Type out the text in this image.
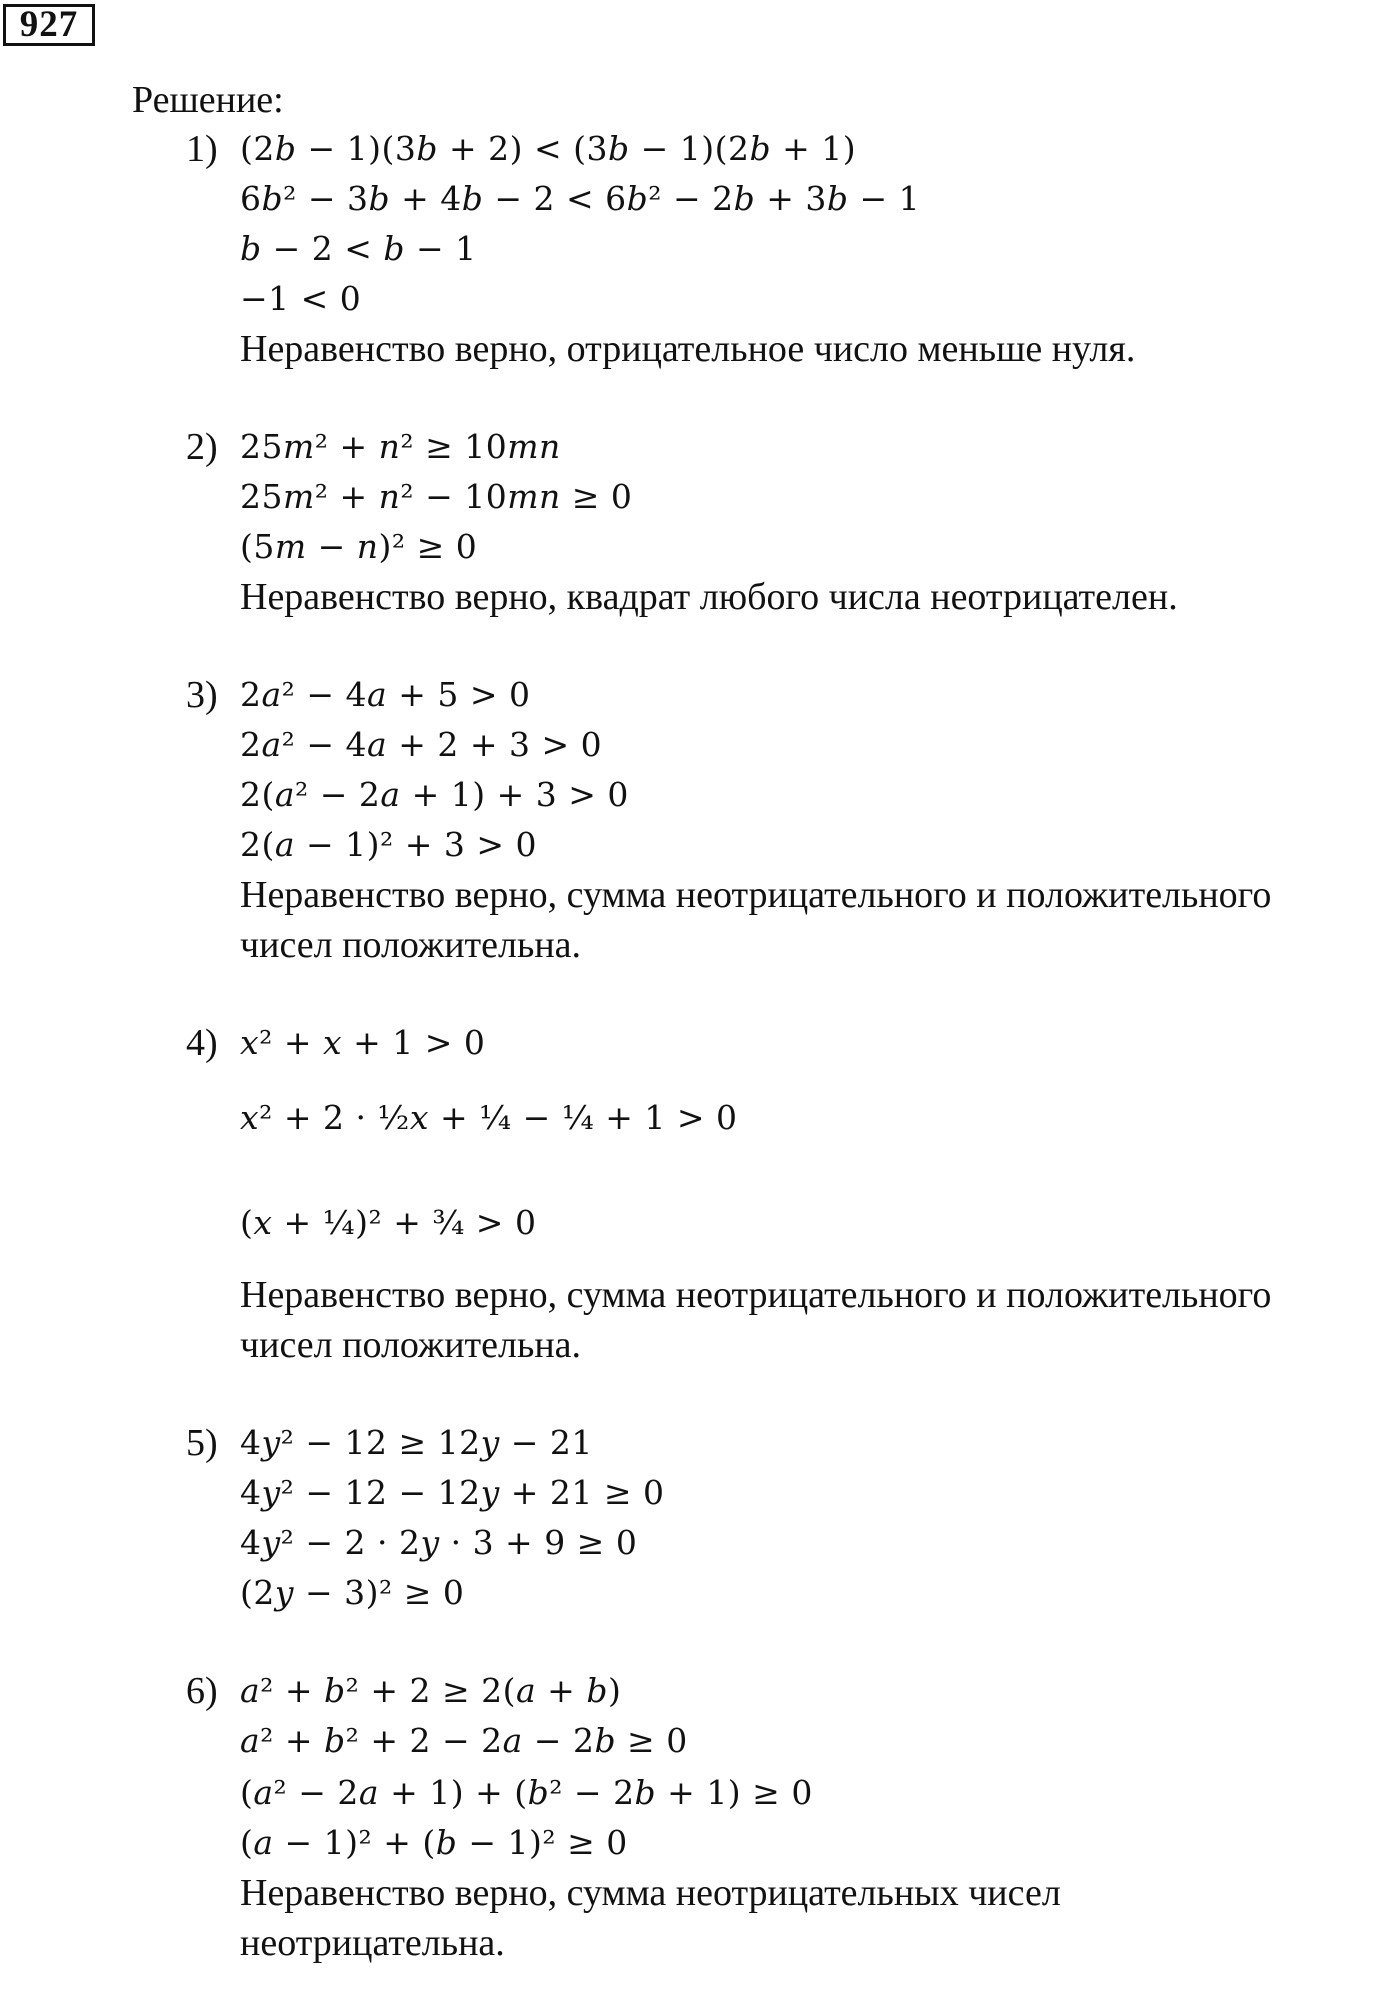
927
Решение:
1) (2𝑏 − 1)(3𝑏 + 2) < (3𝑏 − 1)(2𝑏 + 1)
6𝑏² − 3𝑏 + 4𝑏 − 2 < 6𝑏² − 2𝑏 + 3𝑏 − 1
𝑏 − 2 < 𝑏 − 1
−1 < 0
Неравенство верно, отрицательное число меньше нуля.
2) 25𝑚² + 𝑛² ≥ 10𝑚𝑛
25𝑚² + 𝑛² − 10𝑚𝑛 ≥ 0
(5𝑚 − 𝑛)² ≥ 0
Неравенство верно, квадрат любого числа неотрицателен.
3) 2𝑎² − 4𝑎 + 5 > 0
2𝑎² − 4𝑎 + 2 + 3 > 0
2(𝑎² − 2𝑎 + 1) + 3 > 0
2(𝑎 − 1)² + 3 > 0
Неравенство верно, сумма неотрицательного и положительного
чисел положительна.
4) 𝑥² + 𝑥 + 1 > 0
𝑥² + 2 · ½𝑥 + ¼ − ¼ + 1 > 0
(𝑥 + ¼)² + ¾ > 0
Неравенство верно, сумма неотрицательного и положительного
чисел положительна.
5) 4𝑦² − 12 ≥ 12𝑦 − 21
4𝑦² − 12 − 12𝑦 + 21 ≥ 0
4𝑦² − 2 · 2𝑦 · 3 + 9 ≥ 0
(2𝑦 − 3)² ≥ 0
6) 𝑎² + 𝑏² + 2 ≥ 2(𝑎 + 𝑏)
𝑎² + 𝑏² + 2 − 2𝑎 − 2𝑏 ≥ 0
(𝑎² − 2𝑎 + 1) + (𝑏² − 2𝑏 + 1) ≥ 0
(𝑎 − 1)² + (𝑏 − 1)² ≥ 0
Неравенство верно, сумма неотрицательных чисел
неотрицательна.
